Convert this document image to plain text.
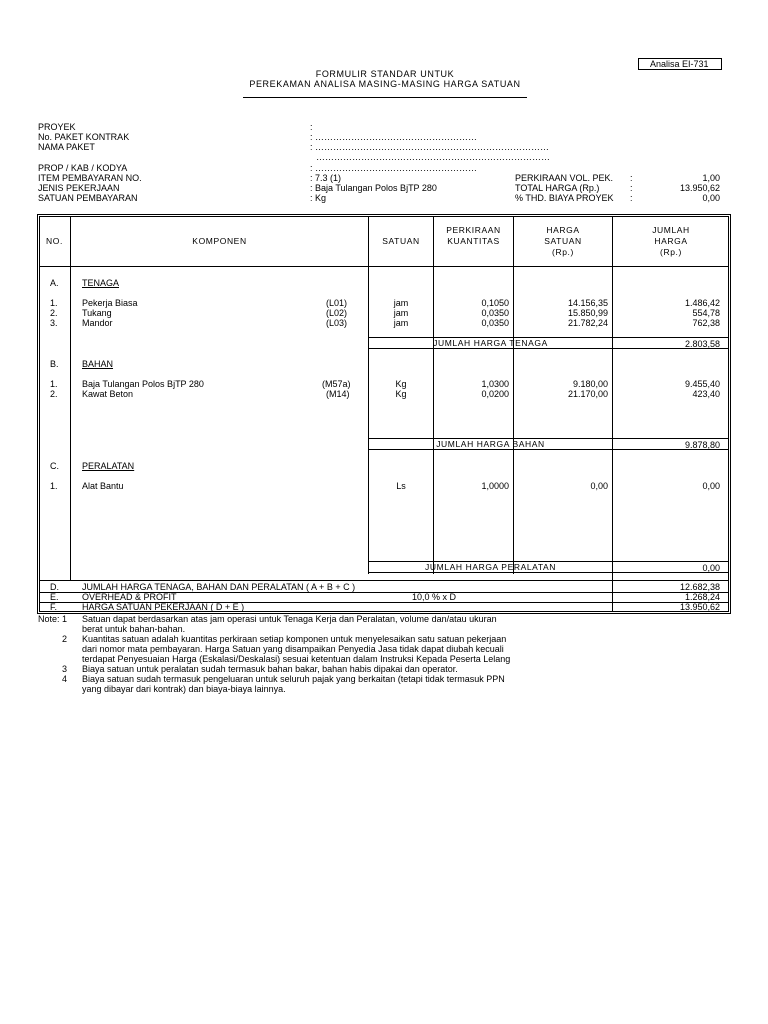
Analisa EI-731
FORMULIR STANDAR UNTUK
PEREKAMAN ANALISA MASING-MASING HARGA SATUAN
PROYEK	:
No. PAKET KONTRAK	: ………………………………………………
NAMA PAKET	: ……………………………………………………………………
……………………………………………………………………
PROP / KAB / KODYA	: ………………………………………………
ITEM PEMBAYARAN NO.	: 7.3 (1)
JENIS PEKERJAAN	: Baja Tulangan Polos BjTP 280
SATUAN PEMBAYARAN	: Kg
PERKIRAAN VOL. PEK. :	1,00
TOTAL HARGA (Rp.)	:	13.950,62
% THD. BIAYA PROYEK :	0,00
NO.	KOMPONEN	SATUAN
PERKIRAAN
KUANTITAS
HARGA
SATUAN
(Rp.)
JUMLAH
HARGA
(Rp.)
A.	TENAGA
1.	Pekerja Biasa	(L01)	jam	0,1050	14.156,35	1.486,42
2.	Tukang	(L02)	jam	0,0350	15.850,99	554,78
3.	Mandor	(L03)	jam	0,0350	21.782,24	762,38
JUMLAH HARGA TENAGA	2.803,58
B.	BAHAN
1.	Baja Tulangan Polos BjTP 280	(M57a)	Kg	1,0300	9.180,00	9.455,40
2.	Kawat Beton	(M14)	Kg	0,0200	21.170,00	423,40
JUMLAH HARGA BAHAN	9.878,80
C.	PERALATAN
1.	Alat Bantu	Ls	1,0000	0,00	0,00
JUMLAH HARGA PERALATAN	0,00
D.	JUMLAH HARGA TENAGA, BAHAN DAN PERALATAN ( A + B + C )	12.682,38
E.	OVERHEAD & PROFIT	10,0 % x D	1.268,24
F.	HARGA SATUAN PEKERJAAN ( D + E )	13.950,62
Note: 1 Satuan dapat berdasarkan atas jam operasi untuk Tenaga Kerja dan Peralatan, volume dan/atau ukuran
berat untuk bahan-bahan.
2 Kuantitas satuan adalah kuantitas perkiraan setiap komponen untuk menyelesaikan satu satuan pekerjaan
dari nomor mata pembayaran. Harga Satuan yang disampaikan Penyedia Jasa tidak dapat diubah kecuali
terdapat Penyesuaian Harga (Eskalasi/Deskalasi) sesuai ketentuan dalam Instruksi Kepada Peserta Lelang
3 Biaya satuan untuk peralatan sudah termasuk bahan bakar, bahan habis dipakai dan operator.
4 Biaya satuan sudah termasuk pengeluaran untuk seluruh pajak yang berkaitan (tetapi tidak termasuk PPN
yang dibayar dari kontrak) dan biaya-biaya lainnya.
